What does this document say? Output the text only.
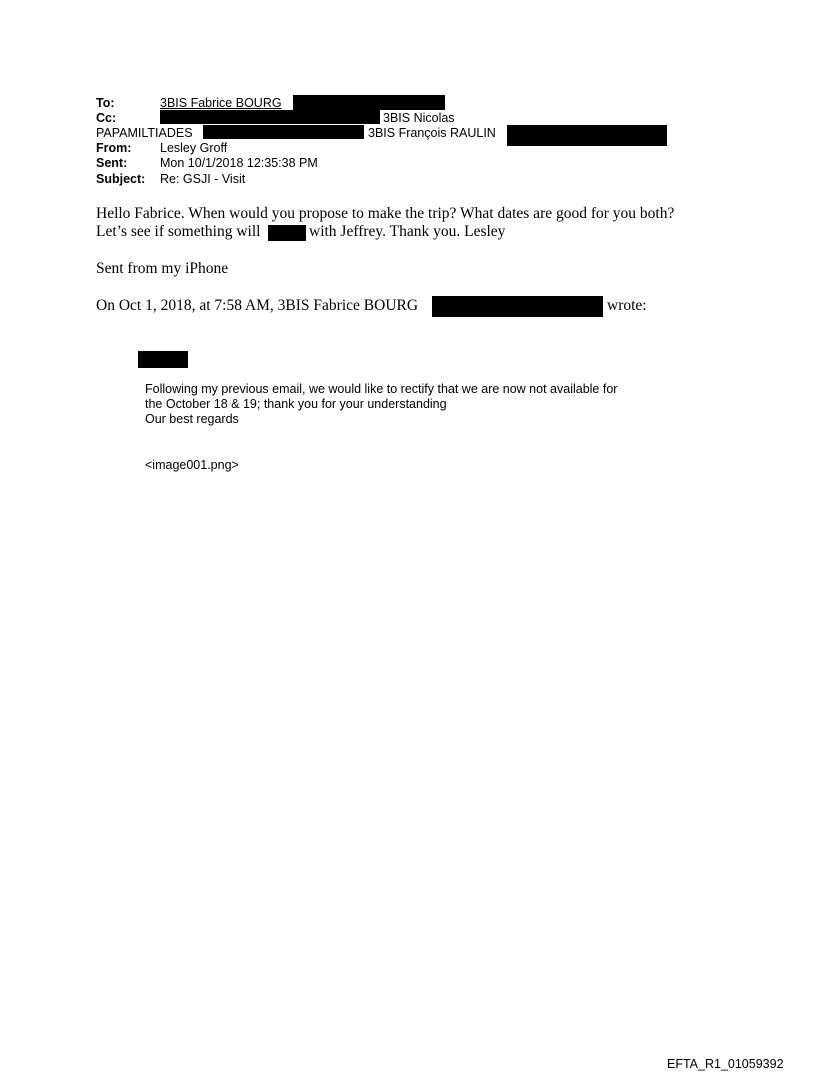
To:	3BIS Fabrice BOURG
Cc:	3BIS Nicolas
PAPAMILTIADES	3BIS François RAULIN
From: Lesley Groff
Sent:	Mon 10/1/2018 12:35:38 PM
Subject: Re: GSJI - Visit
Hello Fabrice. When would you propose to make the trip? What dates are good for you both?
Let’s see if something will	with Jeffrey. Thank you. Lesley
Sent from my iPhone
On Oct 1, 2018, at 7:58 AM, 3BIS Fabrice BOURG	wrote:
Following my previous email, we would like to rectify that we are now not available for
the October 18 & 19; thank you for your understanding
Our best regards
<image001.png>
EFTA_R1_01059392
